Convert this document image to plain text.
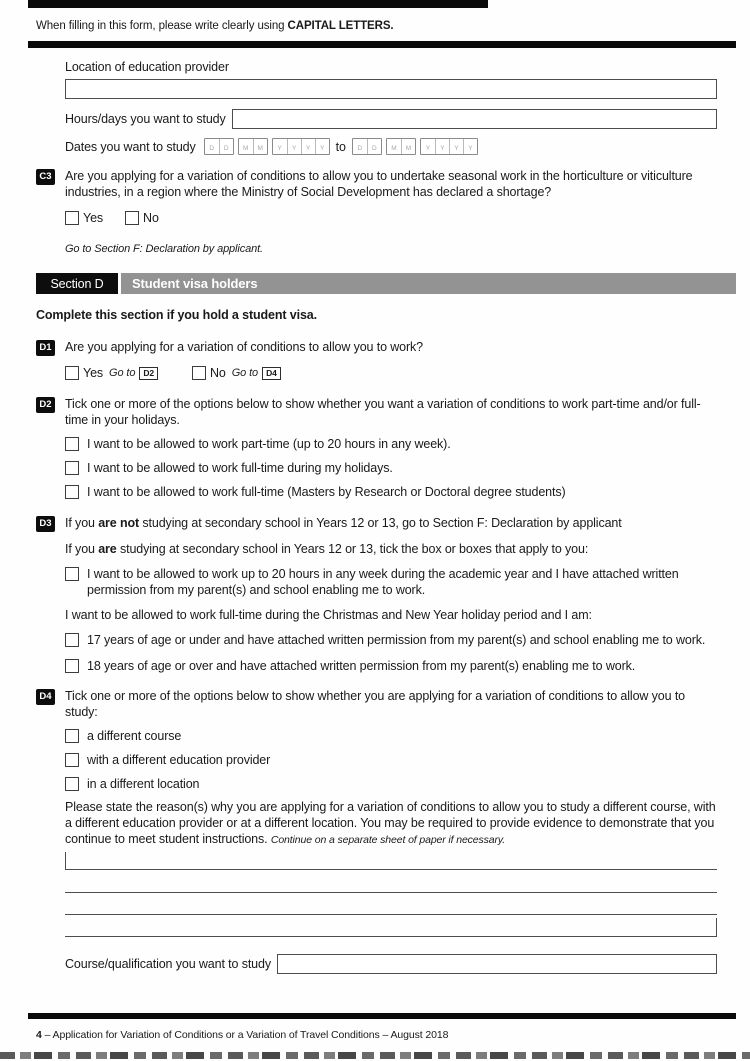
When filling in this form, please write clearly using CAPITAL LETTERS.
Location of education provider
Hours/days you want to study
Dates you want to study	D	D	M	M	Y	Y	Y	Y to	D	D	M	M	Y	Y	Y	Y
C3 Are you applying for a variation of conditions to allow you to undertake seasonal work in the horticulture or viticulture industries, in a region where the Ministry of Social Development has declared a shortage?
Yes	No
Go to Section F: Declaration by applicant.
Section D	Student visa holders
Complete this section if you hold a student visa.
D1 Are you applying for a variation of conditions to allow you to work?
Yes Go to D2	No Go to D4
D2 Tick one or more of the options below to show whether you want a variation of conditions to work part-time and/or full-time in your holidays.
I want to be allowed to work part-time (up to 20 hours in any week).
I want to be allowed to work full-time during my holidays.
I want to be allowed to work full-time (Masters by Research or Doctoral degree students)
D3 If you are not studying at secondary school in Years 12 or 13, go to Section F: Declaration by applicant
If you are studying at secondary school in Years 12 or 13, tick the box or boxes that apply to you:
I want to be allowed to work up to 20 hours in any week during the academic year and I have attached written permission from my parent(s) and school enabling me to work.
I want to be allowed to work full-time during the Christmas and New Year holiday period and I am:
17 years of age or under and have attached written permission from my parent(s) and school enabling me to work.
18 years of age or over and have attached written permission from my parent(s) enabling me to work.
D4 Tick one or more of the options below to show whether you are applying for a variation of conditions to allow you to study:
a different course
with a different education provider
in a different location
Please state the reason(s) why you are applying for a variation of conditions to allow you to study a different course, with a different education provider or at a different location. You may be required to provide evidence to demonstrate that you continue to meet student instructions. Continue on a separate sheet of paper if necessary.
Course/qualification you want to study
4 – Application for Variation of Conditions or a Variation of Travel Conditions – August 2018
